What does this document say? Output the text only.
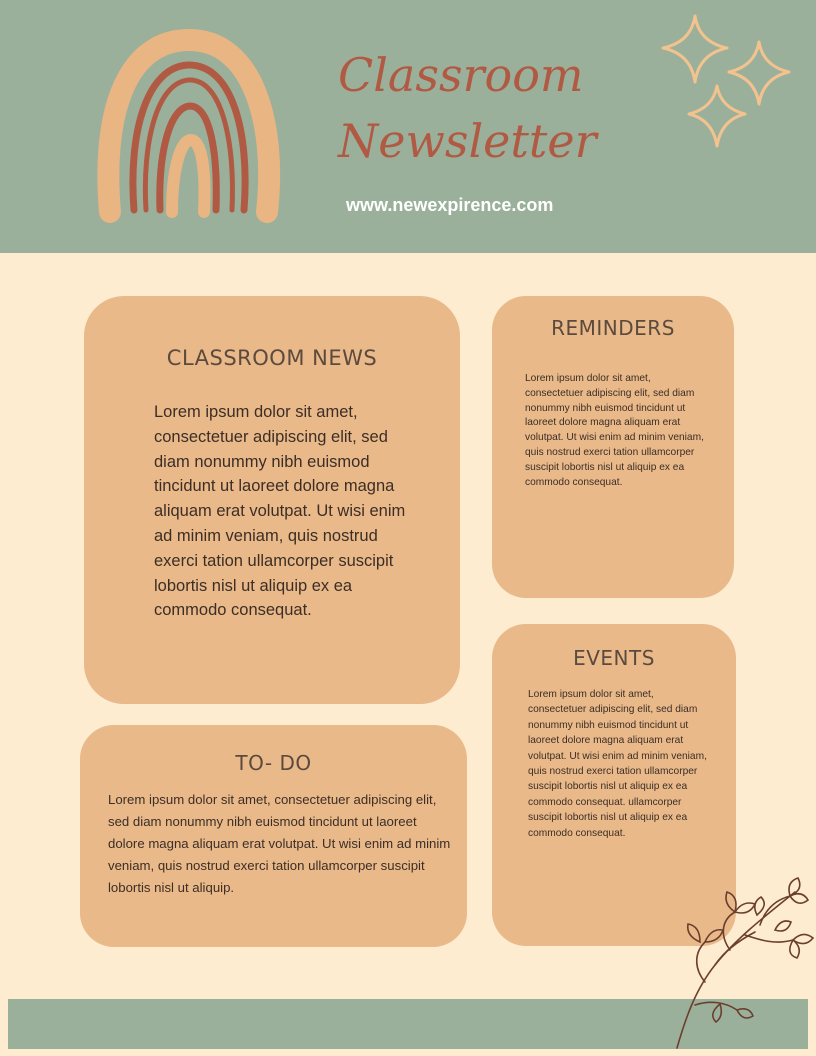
Classroom
Newsletter
www.newexpirence.com
CLASSROOM NEWS

Lorem ipsum dolor sit amet, consectetuer adipiscing elit, sed diam nonummy nibh euismod tincidunt ut laoreet dolore magna aliquam erat volutpat. Ut wisi enim ad minim veniam, quis nostrud exerci tation ullamcorper suscipit lobortis nisl ut aliquip ex ea commodo consequat.

REMINDERS

Lorem ipsum dolor sit amet, consectetuer adipiscing elit, sed diam nonummy nibh euismod tincidunt ut laoreet dolore magna aliquam erat volutpat. Ut wisi enim ad minim veniam, quis nostrud exerci tation ullamcorper suscipit lobortis nisl ut aliquip ex ea commodo consequat.

EVENTS

Lorem ipsum dolor sit amet, consectetuer adipiscing elit, sed diam nonummy nibh euismod tincidunt ut laoreet dolore magna aliquam erat volutpat. Ut wisi enim ad minim veniam, quis nostrud exerci tation ullamcorper suscipit lobortis nisl ut aliquip ex ea commodo consequat. ullamcorper suscipit lobortis nisl ut aliquip ex ea commodo consequat.

TO- DO

Lorem ipsum dolor sit amet, consectetuer adipiscing elit, sed diam nonummy nibh euismod tincidunt ut laoreet dolore magna aliquam erat volutpat. Ut wisi enim ad minim veniam, quis nostrud exerci tation ullamcorper suscipit lobortis nisl ut aliquip.
